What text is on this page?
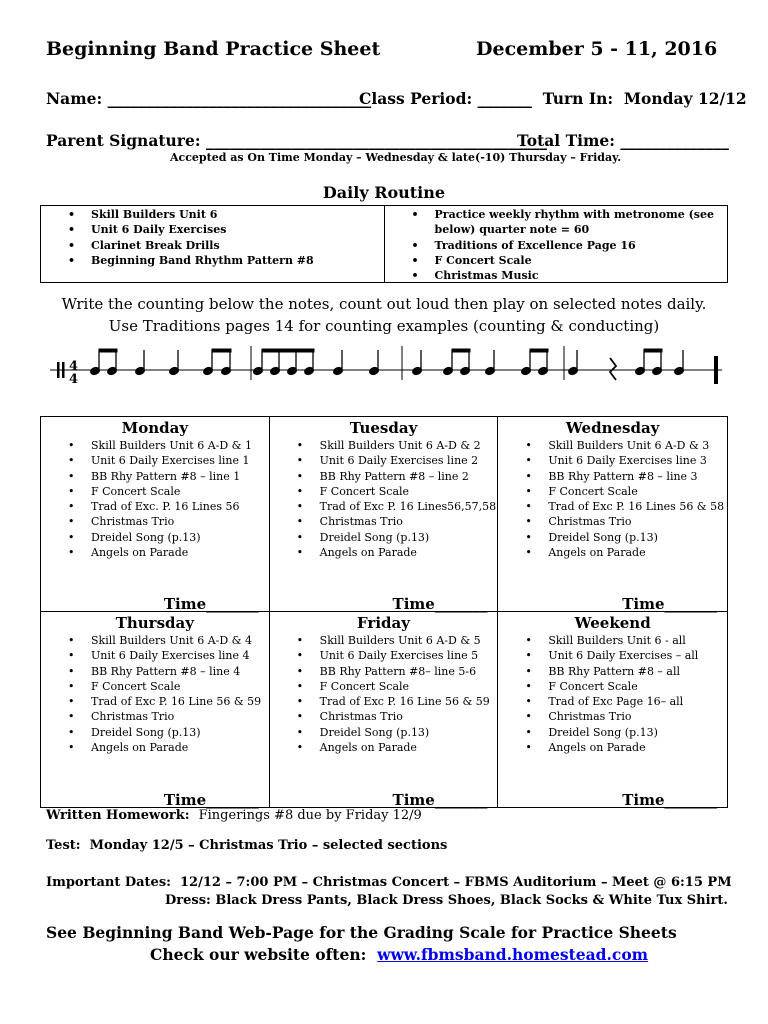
Beginning Band Practice Sheet	December 5 - 11, 2016
Name: __________________________________
Class Period: _______  Turn In:  Monday 12/12
Parent Signature: ____________________________________________
Total Time: ______________
Accepted as On Time Monday – Wednesday & late(-10) Thursday – Friday.
Daily Routine
• Skill Builders Unit 6
• Unit 6 Daily Exercises
• Clarinet Break Drills
• Beginning Band Rhythm Pattern #8
• Practice weekly rhythm with metronome (see below) quarter note = 60
• Traditions of Excellence Page 16
• F Concert Scale
• Christmas Music
Write the counting below the notes, count out loud then play on selected notes daily.
Use Traditions pages 14 for counting examples (counting & conducting)
4
4
Monday
• Skill Builders Unit 6 A-D & 1
• Unit 6 Daily Exercises line 1
• BB Rhy Pattern #8 – line 1
• F Concert Scale
• Trad of Exc. P. 16 Lines 56
• Christmas Trio
• Dreidel Song (p.13)
• Angels on Parade
Time_______
Tuesday
• Skill Builders Unit 6 A-D & 2
• Unit 6 Daily Exercises line 2
• BB Rhy Pattern #8 – line 2
• F Concert Scale
• Trad of Exc P. 16 Lines56,57,58
• Christmas Trio
• Dreidel Song (p.13)
• Angels on Parade
Time_______
Wednesday
• Skill Builders Unit 6 A-D & 3
• Unit 6 Daily Exercises line 3
• BB Rhy Pattern #8 – line 3
• F Concert Scale
• Trad of Exc P. 16 Lines 56 & 58
• Christmas Trio
• Dreidel Song (p.13)
• Angels on Parade
Time_______
Thursday
• Skill Builders Unit 6 A-D & 4
• Unit 6 Daily Exercises line 4
• BB Rhy Pattern #8 – line 4
• F Concert Scale
• Trad of Exc P. 16 Line 56 & 59
• Christmas Trio
• Dreidel Song (p.13)
• Angels on Parade
Time_______
Friday
• Skill Builders Unit 6 A-D & 5
• Unit 6 Daily Exercises line 5
• BB Rhy Pattern #8– line 5-6
• F Concert Scale
• Trad of Exc P. 16 Line 56 & 59
• Christmas Trio
• Dreidel Song (p.13)
• Angels on Parade
Time_______
Weekend
• Skill Builders Unit 6 - all
• Unit 6 Daily Exercises – all
• BB Rhy Pattern #8 – all
• F Concert Scale
• Trad of Exc Page 16– all
• Christmas Trio
• Dreidel Song (p.13)
• Angels on Parade
Time_______
Written Homework: Fingerings #8 due by Friday 12/9
Test:  Monday 12/5 – Christmas Trio – selected sections
Important Dates:  12/12 – 7:00 PM – Christmas Concert – FBMS Auditorium – Meet @ 6:15 PM
Dress: Black Dress Pants, Black Dress Shoes, Black Socks & White Tux Shirt.
See Beginning Band Web-Page for the Grading Scale for Practice Sheets
Check our website often: www.fbmsband.homestead.com
